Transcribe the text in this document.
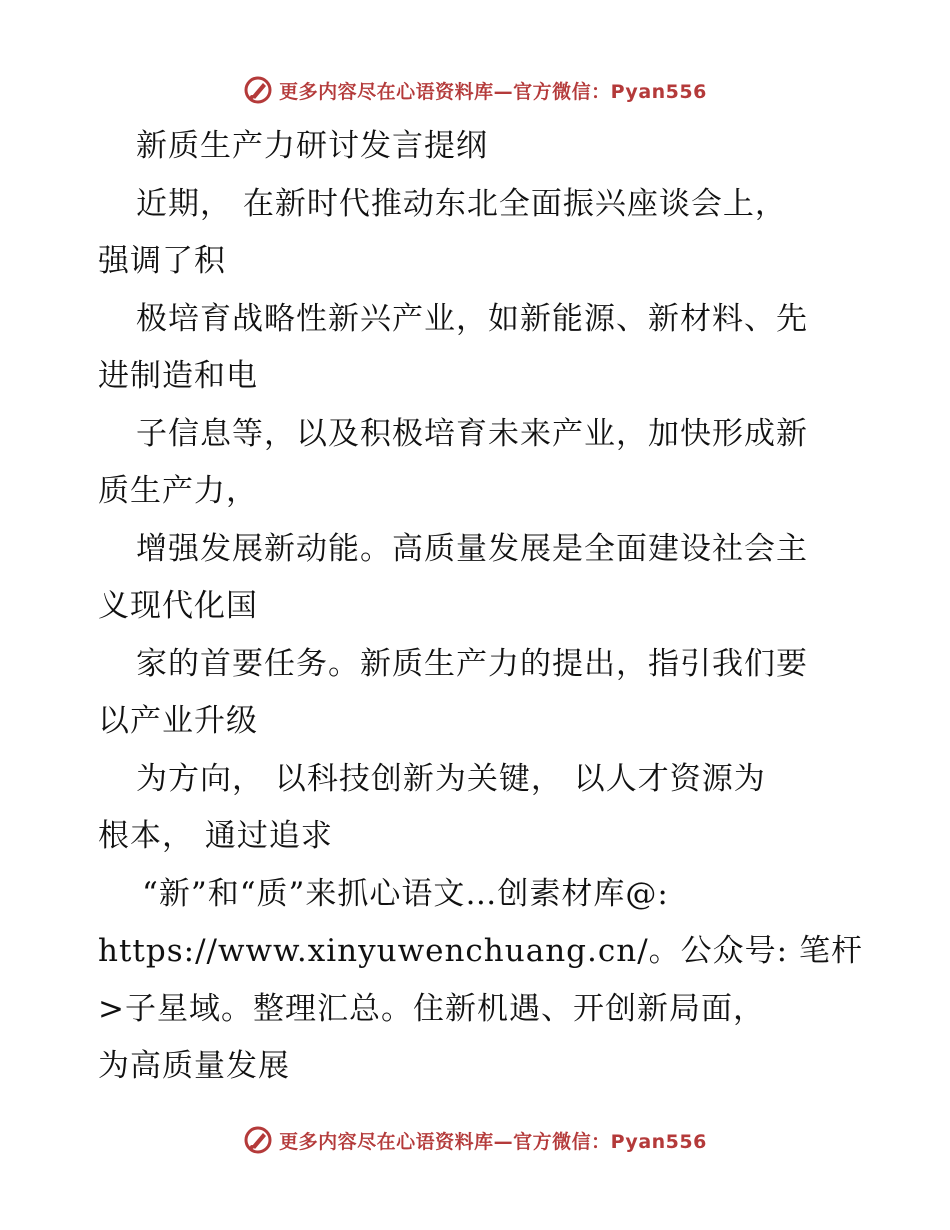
更多内容尽在心语资料库—官方微信：Pyan556
新质生产力研讨发言提纲
近期， 在新时代推动东北全面振兴座谈会上，
强调了积
极培育战略性新兴产业，如新能源、新材料、先
进制造和电
子信息等，以及积极培育未来产业，加快形成新
质生产力，
增强发展新动能。高质量发展是全面建设社会主
义现代化国
家的首要任务。新质生产力的提出，指引我们要
以产业升级
为方向， 以科技创新为关键， 以人才资源为
根本， 通过追求
“新”和“质”来抓心语文…创素材库@:
https://www.xinyuwenchuang.cn/。公众号: 笔杆
>子星域。整理汇总。住新机遇、开创新局面，
为高质量发展
更多内容尽在心语资料库—官方微信：Pyan556
